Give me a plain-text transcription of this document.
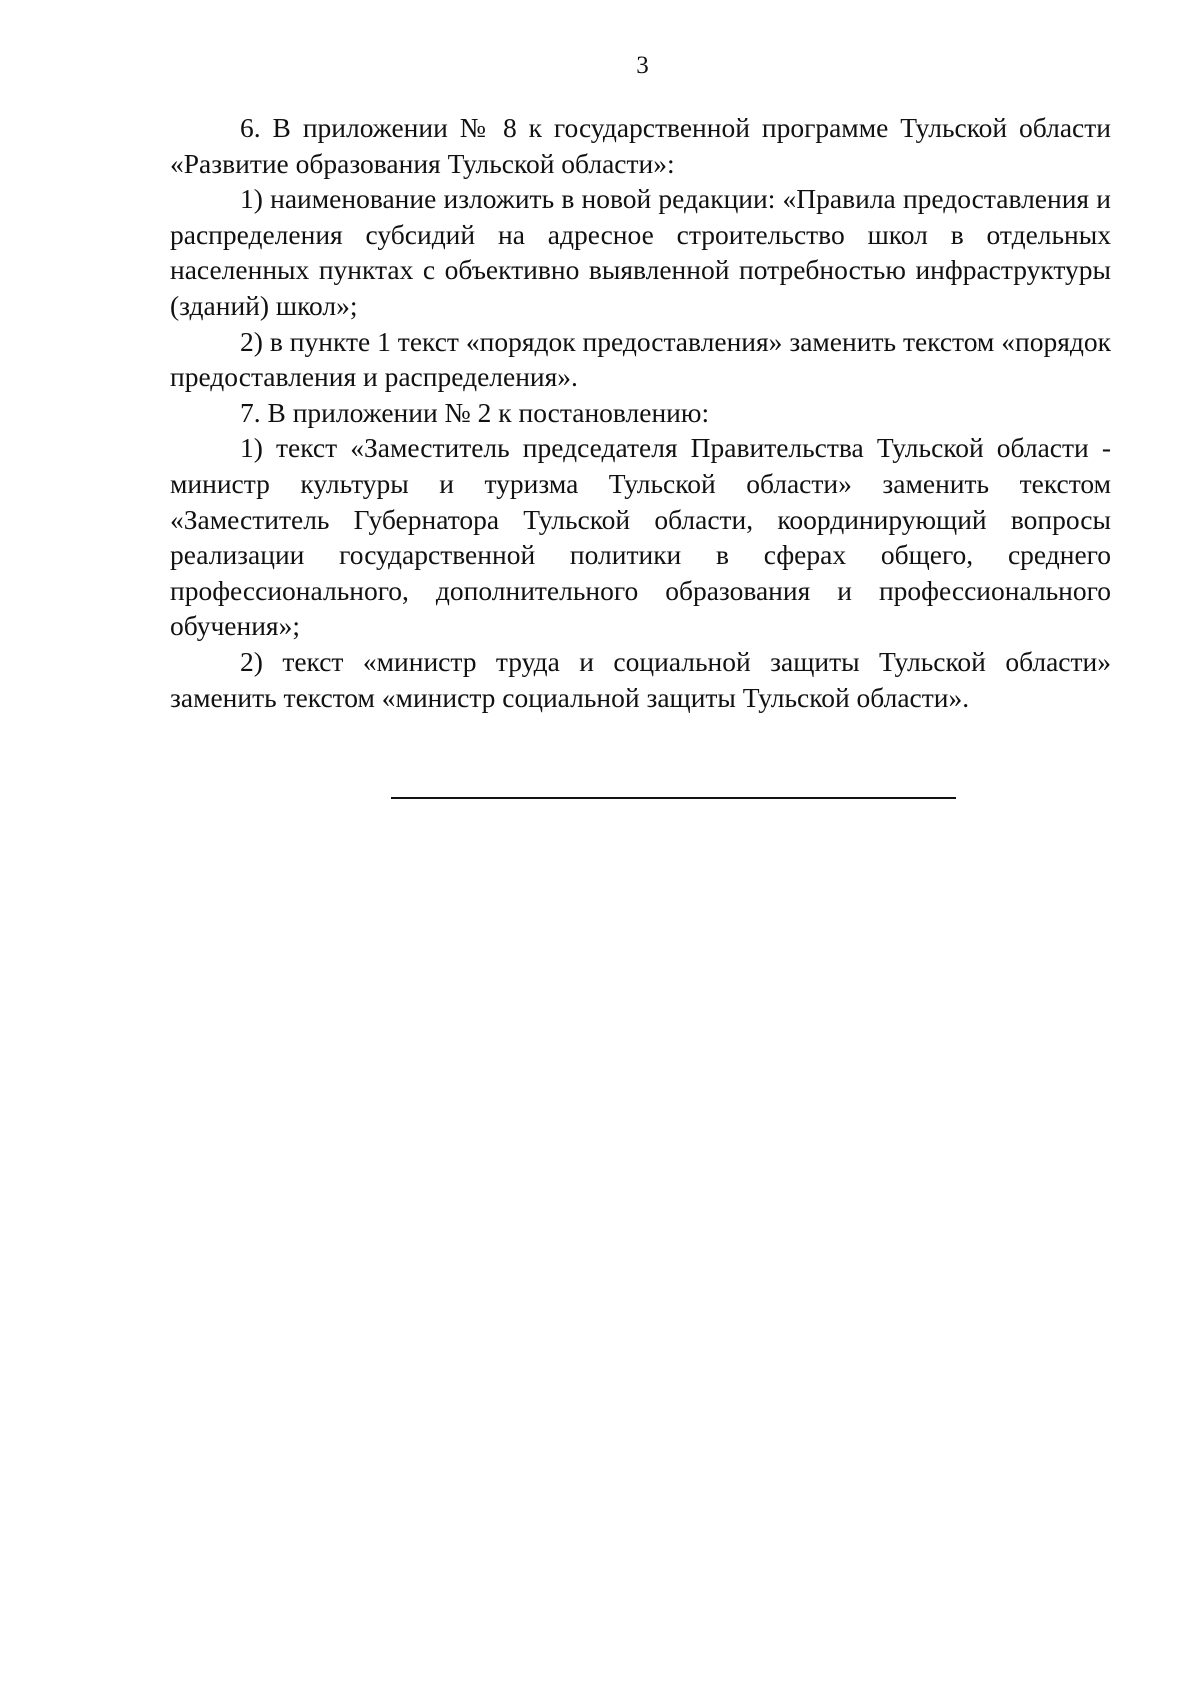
3

6. В приложении № 8 к государственной программе Тульской области «Развитие образования Тульской области»:

1) наименование изложить в новой редакции: «Правила предоставления и распределения субсидий на адресное строительство школ в отдельных населенных пунктах с объективно выявленной потребностью инфраструктуры (зданий) школ»;

2) в пункте 1 текст «порядок предоставления» заменить текстом «порядок предоставления и распределения».

7. В приложении № 2 к постановлению:

1) текст «Заместитель председателя Правительства Тульской области - министр культуры и туризма Тульской области» заменить текстом «Заместитель Губернатора Тульской области, координирующий вопросы реализации государственной политики в сферах общего, среднего профессионального, дополнительного образования и профессионального обучения»;

2) текст «министр труда и социальной защиты Тульской области» заменить текстом «министр социальной защиты Тульской области».
